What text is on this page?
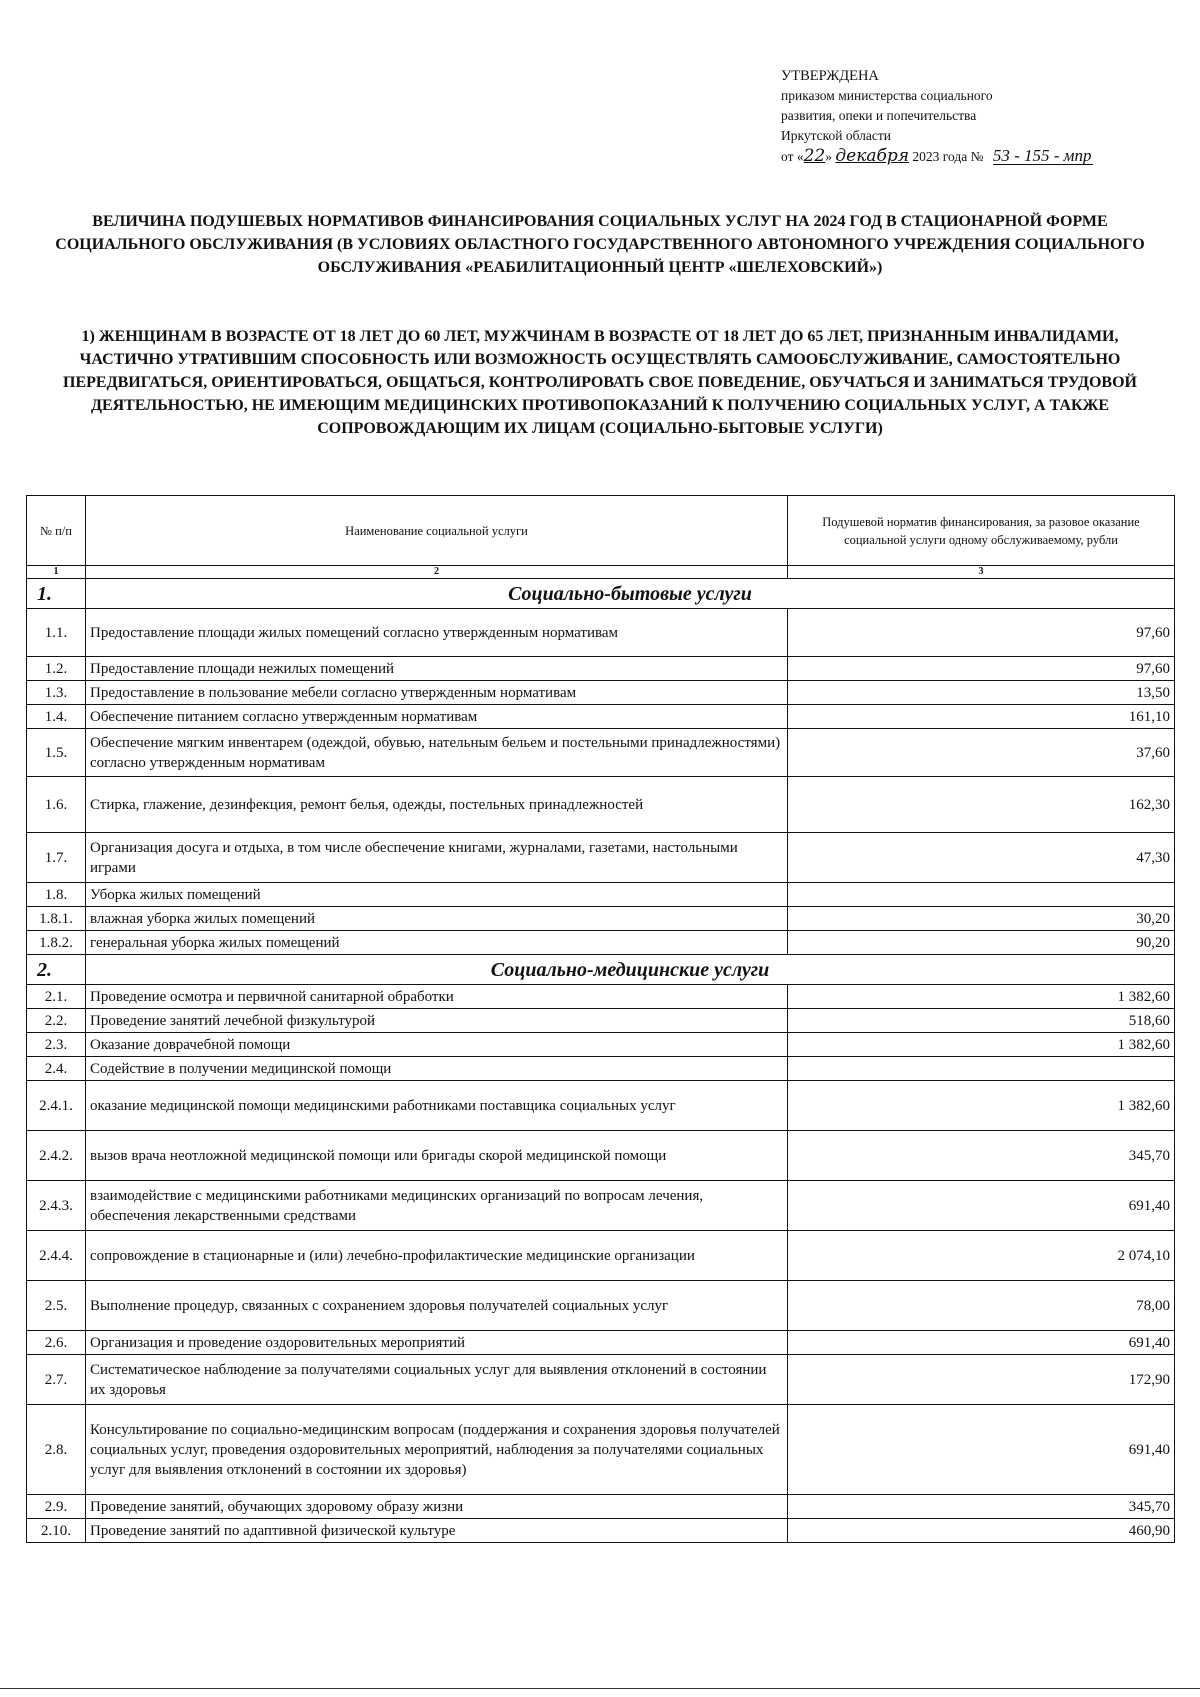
УТВЕРЖДЕНА
приказом министерства социального
развития, опеки и попечительства
Иркутской области
от «22» декабря 2023 года № 53 - 155 - мпр
ВЕЛИЧИНА ПОДУШЕВЫХ НОРМАТИВОВ ФИНАНСИРОВАНИЯ СОЦИАЛЬНЫХ УСЛУГ НА 2024 ГОД В СТАЦИОНАРНОЙ ФОРМЕ СОЦИАЛЬНОГО ОБСЛУЖИВАНИЯ (В УСЛОВИЯХ ОБЛАСТНОГО ГОСУДАРСТВЕННОГО АВТОНОМНОГО УЧРЕЖДЕНИЯ СОЦИАЛЬНОГО ОБСЛУЖИВАНИЯ «РЕАБИЛИТАЦИОННЫЙ ЦЕНТР «ШЕЛЕХОВСКИЙ»)
1) ЖЕНЩИНАМ В ВОЗРАСТЕ ОТ 18 ЛЕТ ДО 60 ЛЕТ, МУЖЧИНАМ В ВОЗРАСТЕ ОТ 18 ЛЕТ ДО 65 ЛЕТ, ПРИЗНАННЫМ ИНВАЛИДАМИ, ЧАСТИЧНО УТРАТИВШИМ СПОСОБНОСТЬ ИЛИ ВОЗМОЖНОСТЬ ОСУЩЕСТВЛЯТЬ САМООБСЛУЖИВАНИЕ, САМОСТОЯТЕЛЬНО ПЕРЕДВИГАТЬСЯ, ОРИЕНТИРОВАТЬСЯ, ОБЩАТЬСЯ, КОНТРОЛИРОВАТЬ СВОЕ ПОВЕДЕНИЕ, ОБУЧАТЬСЯ И ЗАНИМАТЬСЯ ТРУДОВОЙ ДЕЯТЕЛЬНОСТЬЮ, НЕ ИМЕЮЩИМ МЕДИЦИНСКИХ ПРОТИВОПОКАЗАНИЙ К ПОЛУЧЕНИЮ СОЦИАЛЬНЫХ УСЛУГ, А ТАКЖЕ СОПРОВОЖДАЮЩИМ ИХ ЛИЦАМ (СОЦИАЛЬНО-БЫТОВЫЕ УСЛУГИ)
№ п/п	Наименование социальной услуги	Подушевой норматив финансирования, за разовое оказание социальной услуги одному обслуживаемому, рубли
1	2	3
1.	Социально-бытовые услуги	
1.1.	Предоставление площади жилых помещений согласно утвержденным нормативам	97,60
1.2.	Предоставление площади нежилых помещений	97,60
1.3.	Предоставление в пользование мебели согласно утвержденным нормативам	13,50
1.4.	Обеспечение питанием согласно утвержденным нормативам	161,10
1.5.	Обеспечение мягким инвентарем (одеждой, обувью, нательным бельем и постельными принадлежностями) согласно утвержденным нормативам	37,60
1.6.	Стирка, глажение, дезинфекция, ремонт белья, одежды, постельных принадлежностей	162,30
1.7.	Организация досуга и отдыха, в том числе обеспечение книгами, журналами, газетами, настольными играми	47,30
1.8.	Уборка жилых помещений	
1.8.1.	влажная уборка жилых помещений	30,20
1.8.2.	генеральная уборка жилых помещений	90,20
2.	Социально-медицинские услуги	
2.1.	Проведение осмотра и первичной санитарной обработки	1 382,60
2.2.	Проведение занятий лечебной физкультурой	518,60
2.3.	Оказание доврачебной помощи	1 382,60
2.4.	Содействие в получении медицинской помощи	
2.4.1.	оказание медицинской помощи медицинскими работниками поставщика социальных услуг	1 382,60
2.4.2.	вызов врача неотложной медицинской помощи или бригады скорой медицинской помощи	345,70
2.4.3.	взаимодействие с медицинскими работниками медицинских организаций по вопросам лечения, обеспечения лекарственными средствами	691,40
2.4.4.	сопровождение в стационарные и (или) лечебно-профилактические медицинские организации	2 074,10
2.5.	Выполнение процедур, связанных с сохранением здоровья получателей социальных услуг	78,00
2.6.	Организация и проведение оздоровительных мероприятий	691,40
2.7.	Систематическое наблюдение за получателями социальных услуг для выявления отклонений в состоянии их здоровья	172,90
2.8.	Консультирование по социально-медицинским вопросам (поддержания и сохранения здоровья получателей социальных услуг, проведения оздоровительных мероприятий, наблюдения за получателями социальных услуг для выявления отклонений в состоянии их здоровья)	691,40
2.9.	Проведение занятий, обучающих здоровому образу жизни	345,70
2.10.	Проведение занятий по адаптивной физической культуре	460,90
